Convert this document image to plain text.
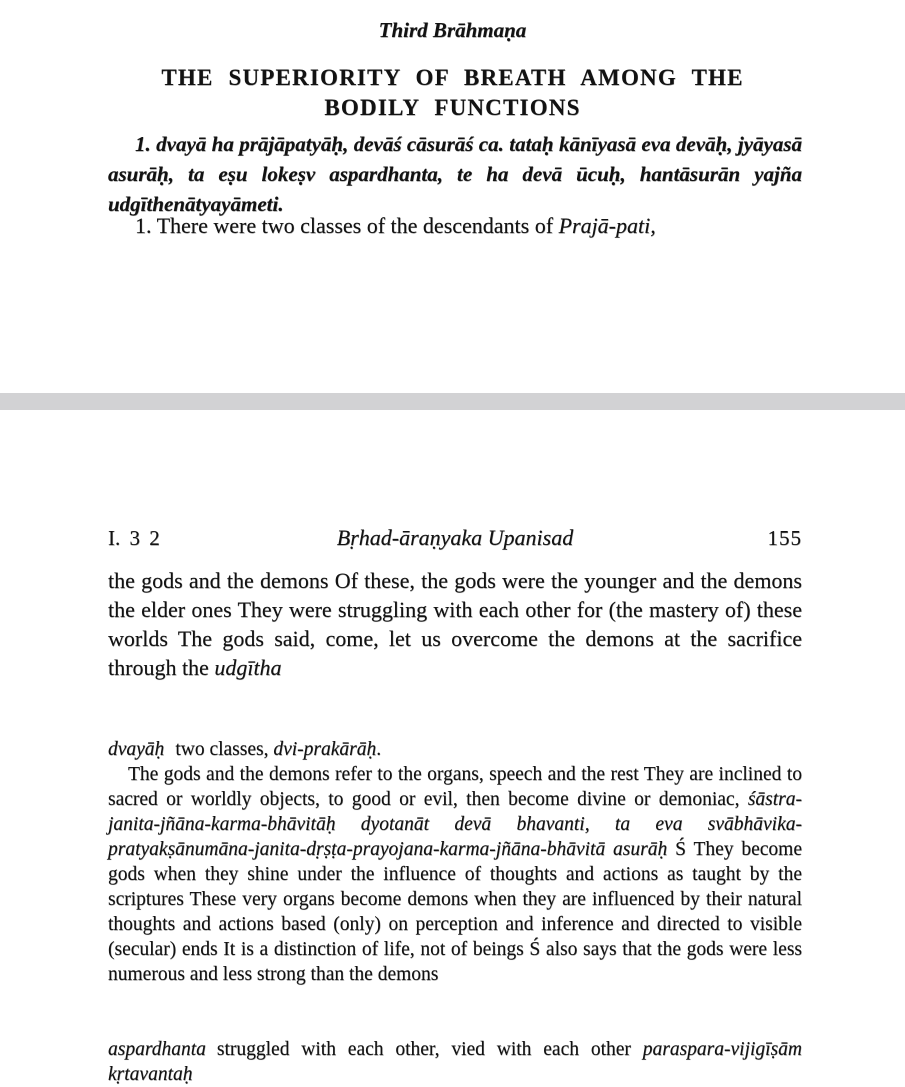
Third Brāhmaṇa
THE SUPERIORITY OF BREATH AMONG THE
BODILY FUNCTIONS

1. dvayā ha prājāpatyāḥ, devāś cāsurāś ca. tataḥ kānīyasā eva devāḥ, jyāyasā asurāḥ, ta eṣu lokeṣv aspardhanta, te ha devā ūcuḥ, hantāsurān yajña udgīthenātyayāmeti.

1. There were two classes of the descendants of Prajā-pati,

I. 3 2	Bṛhad-āraṇyaka Upanisad	155

the gods and the demons Of these, the gods were the younger and the demons the elder ones They were struggling with each other for (the mastery of) these worlds The gods said, come, let us overcome the demons at the sacrifice through the udgītha

dvayāḥ two classes, dvi-prakārāḥ.

The gods and the demons refer to the organs, speech and the rest They are inclined to sacred or worldly objects, to good or evil, then become divine or demoniac, śāstra-janita-jñāna-karma-bhāvitāḥ dyotanāt devā bhavanti, ta eva svābhāvika-pratyakṣānumāna-janita-dṛṣṭa-prayojana-karma-jñāna-bhāvitā asurāḥ Ś They become gods when they shine under the influence of thoughts and actions as taught by the scriptures These very organs become demons when they are influenced by their natural thoughts and actions based (only) on perception and inference and directed to visible (secular) ends It is a distinction of life, not of beings Ś also says that the gods were less numerous and less strong than the demons

aspardhanta struggled with each other, vied with each other paraspara-vijigīṣām kṛtavantaḥ
